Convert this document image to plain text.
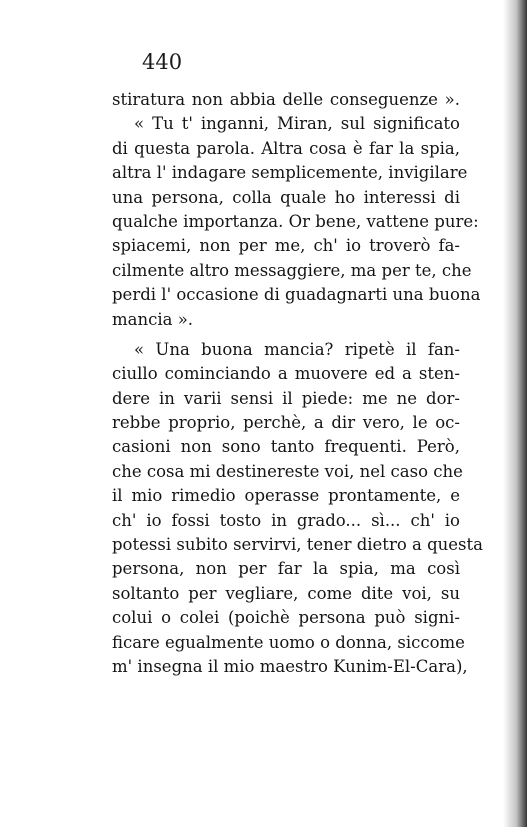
440
stiratura non abbia delle conseguenze ».
« Tu t' inganni, Miran, sul significato
di questa parola. Altra cosa è far la spia,
altra l' indagare semplicemente, invigilare
una persona, colla quale ho interessi di
qualche importanza. Or bene, vattene pure:
spiacemi, non per me, ch' io troverò fa-
cilmente altro messaggiere, ma per te, che
perdi l' occasione di guadagnarti una buona
mancia ».
« Una buona mancia? ripetè il fan-
ciullo cominciando a muovere ed a sten-
dere in varii sensi il piede: me ne dor-
rebbe proprio, perchè, a dir vero, le oc-
casioni non sono tanto frequenti. Però,
che cosa mi destinereste voi, nel caso che
il mio rimedio operasse prontamente, e
ch' io fossi tosto in grado... sì... ch' io
potessi subito servirvi, tener dietro a questa
persona, non per far la spia, ma così
soltanto per vegliare, come dite voi, su
colui o colei (poichè persona può signi-
ficare egualmente uomo o donna, siccome
m' insegna il mio maestro Kunim-El-Cara),
